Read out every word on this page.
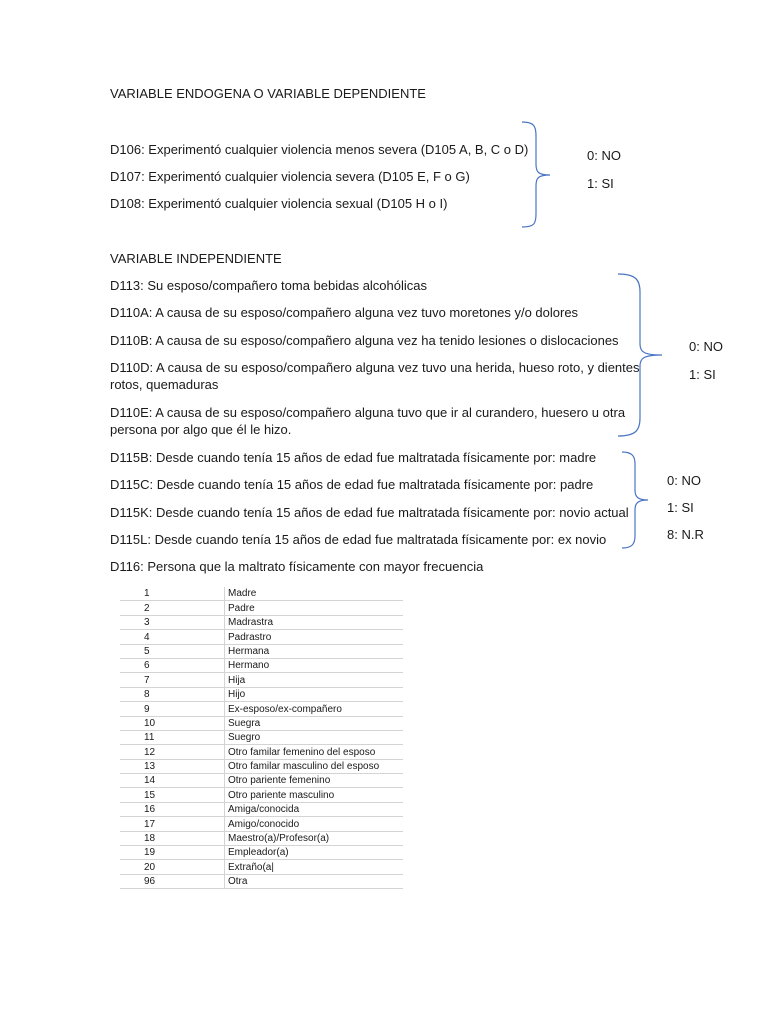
VARIABLE ENDOGENA O VARIABLE DEPENDIENTE
D106: Experimentó cualquier violencia menos severa (D105 A, B, C o D)
D107: Experimentó cualquier violencia severa (D105 E, F o G)
D108: Experimentó cualquier violencia sexual (D105 H o I)
0: NO
1: SI
VARIABLE INDEPENDIENTE
D113: Su esposo/compañero toma bebidas alcohólicas
D110A: A causa de su esposo/compañero alguna vez tuvo moretones y/o dolores
D110B: A causa de su esposo/compañero alguna vez ha tenido lesiones o dislocaciones
D110D: A causa de su esposo/compañero alguna vez tuvo una herida, hueso roto, y dientes rotos, quemaduras
D110E: A causa de su esposo/compañero alguna tuvo que ir al curandero, huesero u otra persona por algo que él le hizo.
0: NO
1: SI
D115B: Desde cuando tenía 15 años de edad fue maltratada físicamente por: madre
D115C: Desde cuando tenía 15 años de edad fue maltratada físicamente por: padre
D115K: Desde cuando tenía 15 años de edad fue maltratada físicamente por: novio actual
D115L: Desde cuando tenía 15 años de edad fue maltratada físicamente por: ex novio
0: NO
1: SI
8: N.R
D116: Persona que la maltrato físicamente con mayor frecuencia
1	Madre
2	Padre
3	Madrastra
4	Padrastro
5	Hermana
6	Hermano
7	Hija
8	Hijo
9	Ex-esposo/ex-compañero
10	Suegra
11	Suegro
12	Otro familar femenino del esposo
13	Otro familar masculino del esposo
14	Otro pariente femenino
15	Otro pariente masculino
16	Amiga/conocida
17	Amigo/conocido
18	Maestro(a)/Profesor(a)
19	Empleador(a)
20	Extraño(a|
96	Otra
